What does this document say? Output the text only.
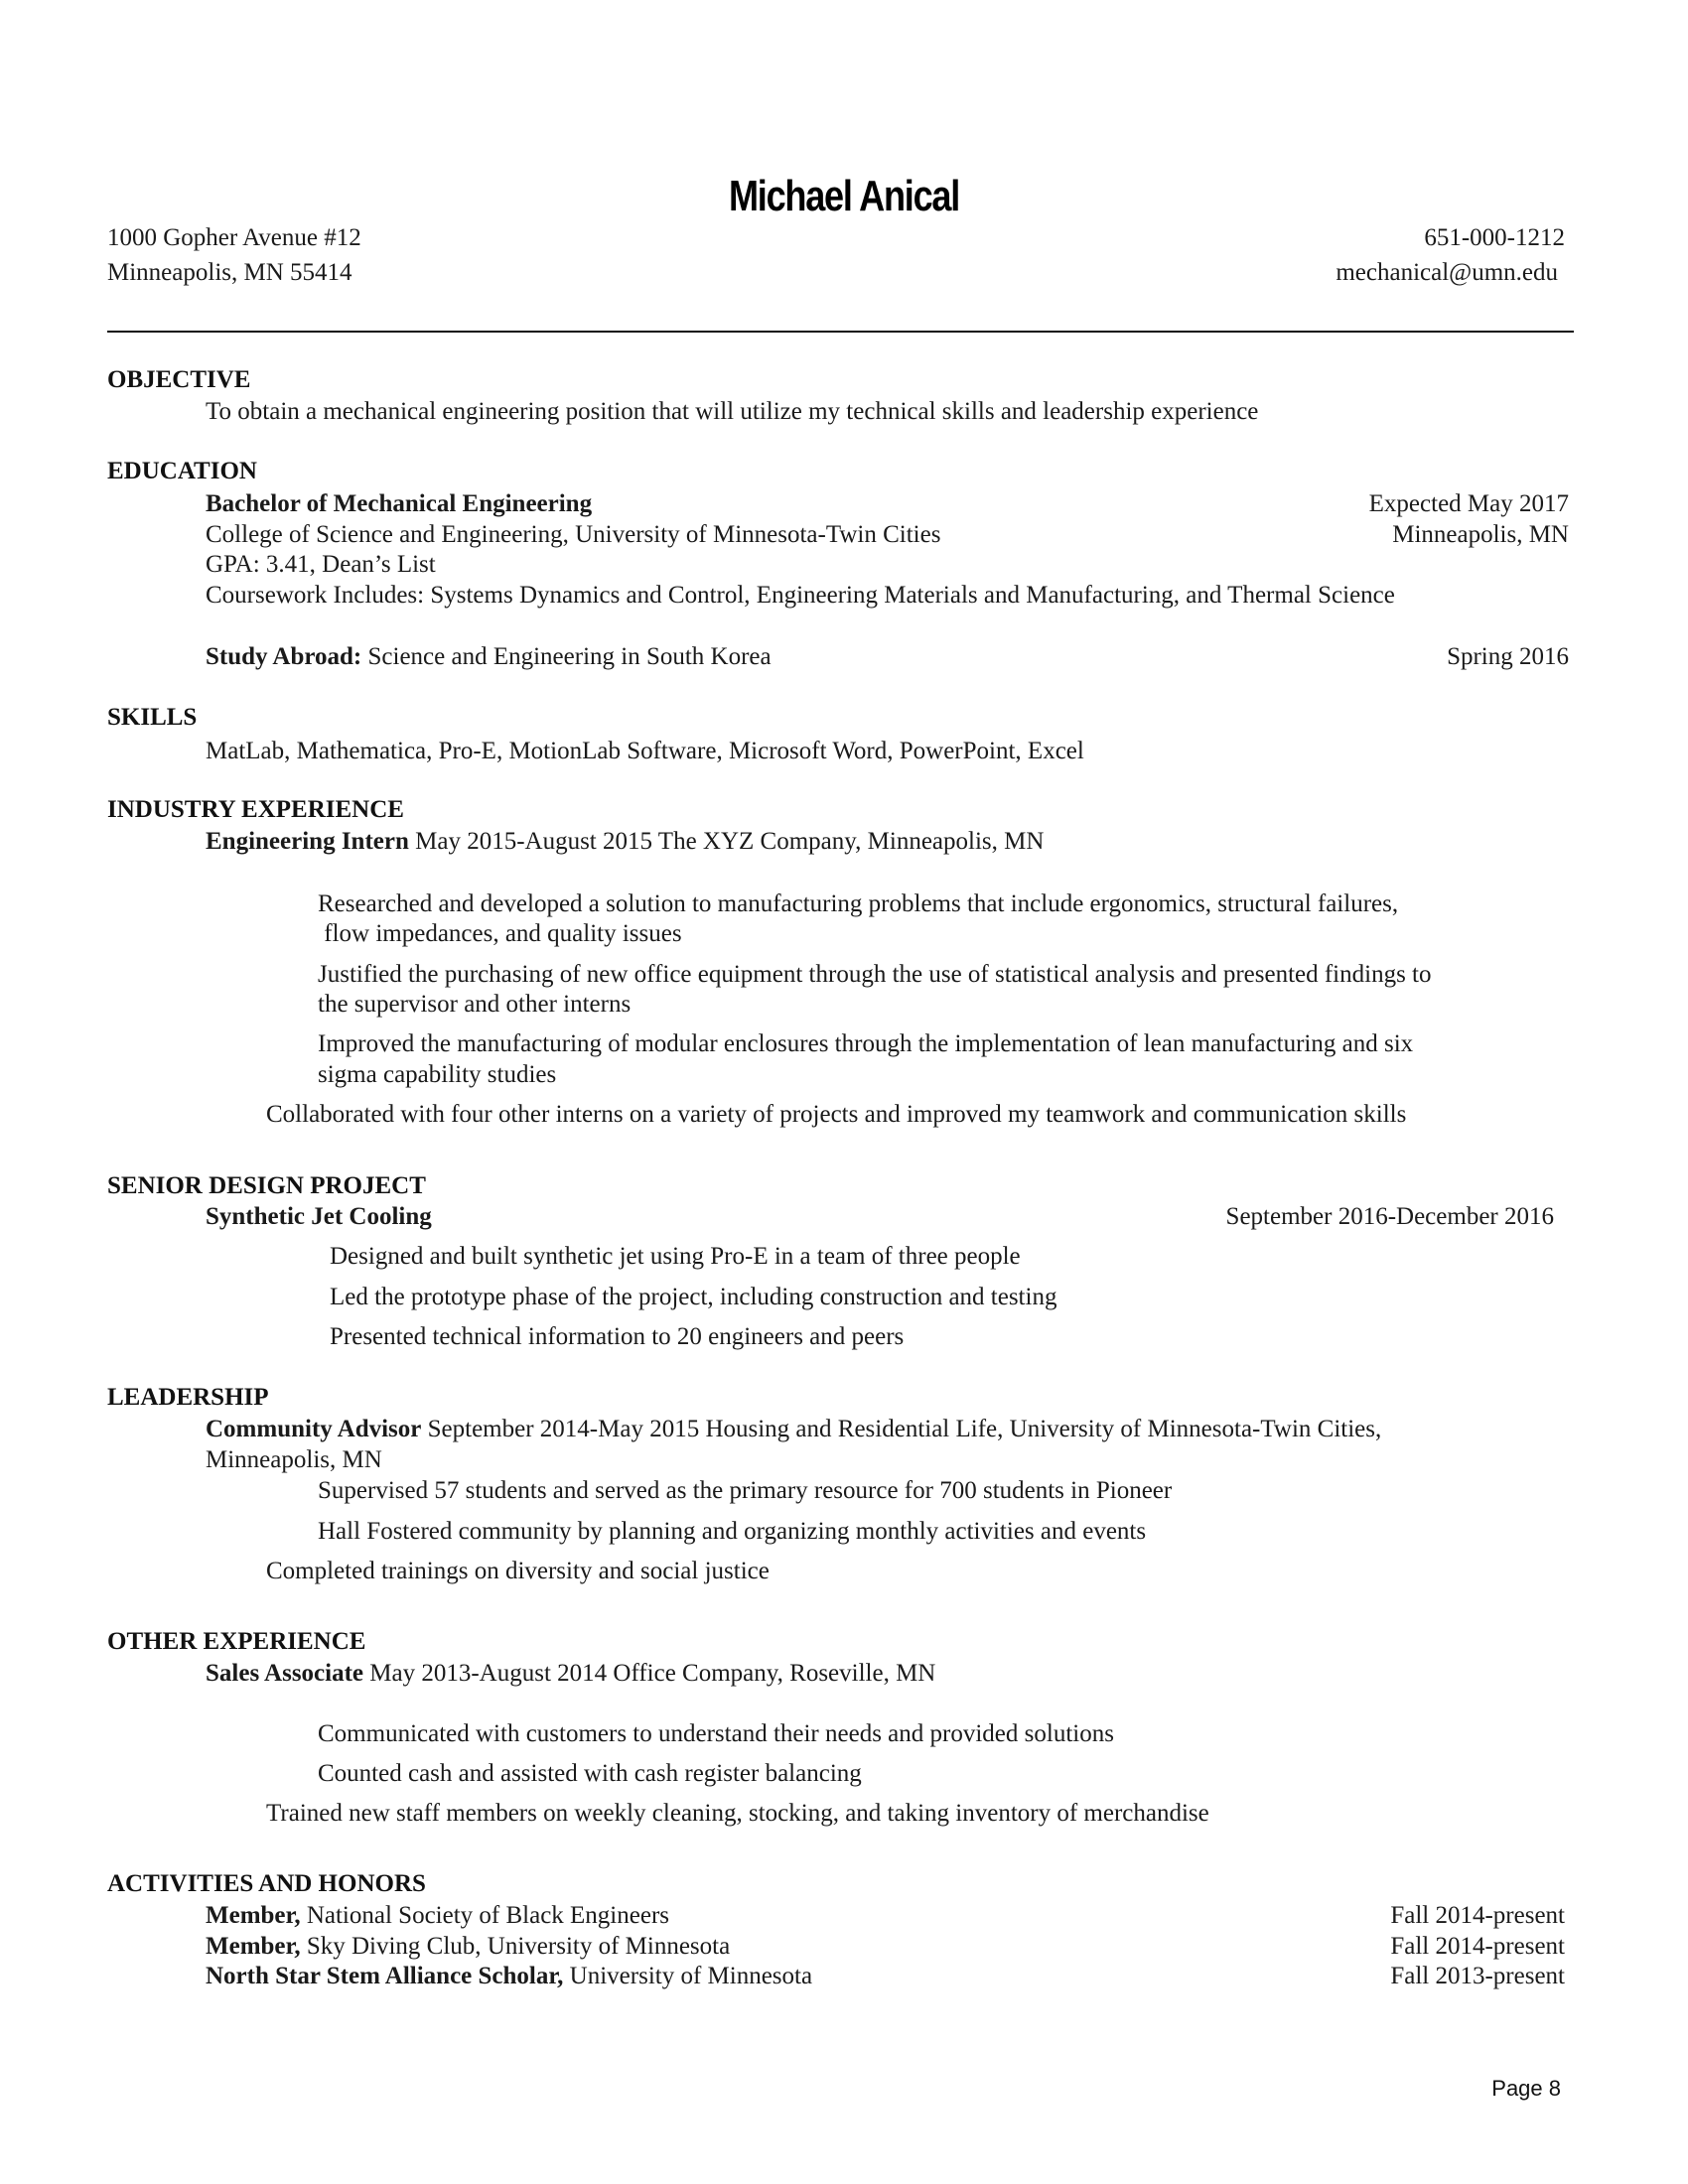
Michael Anical
1000 Gopher Avenue #12
Minneapolis, MN 55414
651-000-1212
mechanical@umn.edu
OBJECTIVE
To obtain a mechanical engineering position that will utilize my technical skills and leadership experience
EDUCATION
Bachelor of Mechanical Engineering	Expected May 2017
College of Science and Engineering, University of Minnesota-Twin Cities	Minneapolis, MN
GPA: 3.41, Dean’s List
Coursework Includes: Systems Dynamics and Control, Engineering Materials and Manufacturing, and Thermal Science
Study Abroad: Science and Engineering in South Korea	Spring 2016
SKILLS
MatLab, Mathematica, Pro-E, MotionLab Software, Microsoft Word, PowerPoint, Excel
INDUSTRY EXPERIENCE
Engineering Intern May 2015-August 2015 The XYZ Company, Minneapolis, MN
Researched and developed a solution to manufacturing problems that include ergonomics, structural failures,
flow impedances, and quality issues
Justified the purchasing of new office equipment through the use of statistical analysis and presented findings to
the supervisor and other interns
Improved the manufacturing of modular enclosures through the implementation of lean manufacturing and six
sigma capability studies
Collaborated with four other interns on a variety of projects and improved my teamwork and communication skills
SENIOR DESIGN PROJECT
Synthetic Jet Cooling	September 2016-December 2016
Designed and built synthetic jet using Pro-E in a team of three people
Led the prototype phase of the project, including construction and testing
Presented technical information to 20 engineers and peers
LEADERSHIP
Community Advisor September 2014-May 2015 Housing and Residential Life, University of Minnesota-Twin Cities,
Minneapolis, MN
Supervised 57 students and served as the primary resource for 700 students in Pioneer
Hall Fostered community by planning and organizing monthly activities and events
Completed trainings on diversity and social justice
OTHER EXPERIENCE
Sales Associate May 2013-August 2014 Office Company, Roseville, MN
Communicated with customers to understand their needs and provided solutions
Counted cash and assisted with cash register balancing
Trained new staff members on weekly cleaning, stocking, and taking inventory of merchandise
ACTIVITIES AND HONORS
Member, National Society of Black Engineers	Fall 2014-present
Member, Sky Diving Club, University of Minnesota	Fall 2014-present
North Star Stem Alliance Scholar, University of Minnesota	Fall 2013-present
Page 8
